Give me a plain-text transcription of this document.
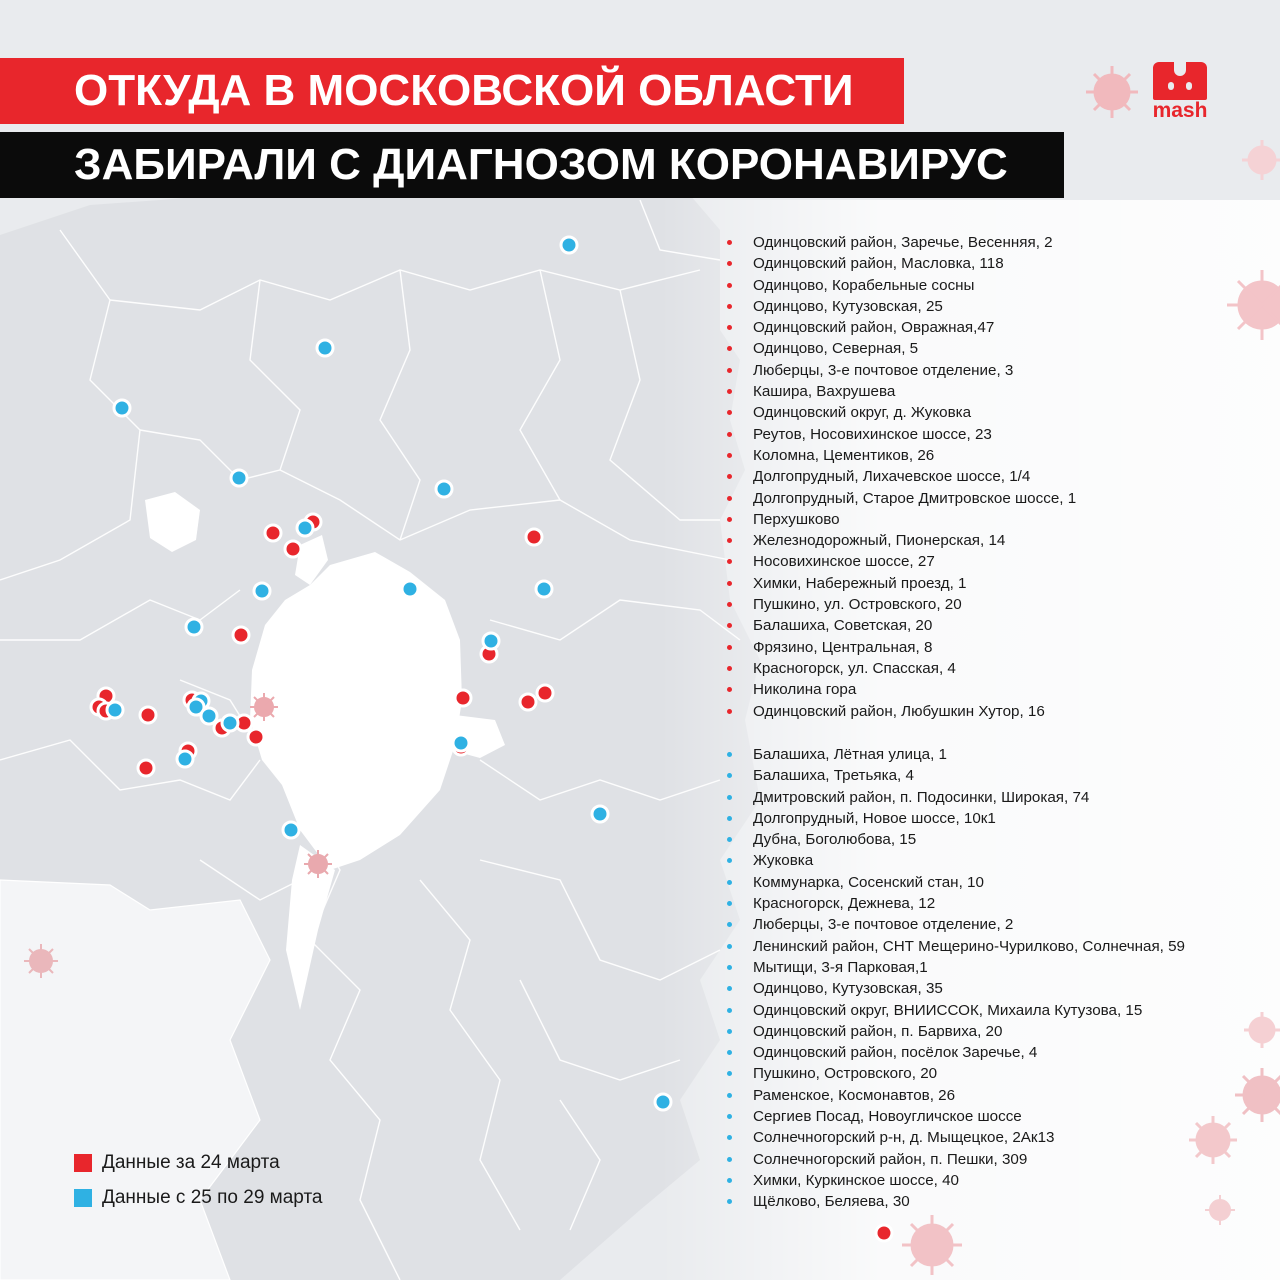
ОТКУДА В МОСКОВСКОЙ ОБЛАСТИ
ЗАБИРАЛИ С ДИАГНОЗОМ КОРОНАВИРУС
mash
Одинцовский район, Заречье, Весенняя, 2
Одинцовский район, Масловка, 118
Одинцово, Корабельные сосны
Одинцово, Кутузовская, 25
Одинцовский район, Овражная,47
Одинцово, Северная, 5
Люберцы, 3-е почтовое отделение, 3
Кашира, Вахрушева
Одинцовский округ, д. Жуковка
Реутов, Носовихинское шоссе, 23
Коломна, Цементиков, 26
Долгопрудный, Лихачевское шоссе, 1/4
Долгопрудный, Старое Дмитровское шоссе, 1
Перхушково
Железнодорожный, Пионерская, 14
Носовихинское шоссе, 27
Химки, Набережный проезд, 1
Пушкино, ул. Островского, 20
Балашиха, Советская, 20
Фрязино, Центральная, 8
Красногорск, ул. Спасская, 4
Николина гора
Одинцовский район, Любушкин Хутор, 16
Балашиха, Лётная улица, 1
Балашиха, Третьяка, 4
Дмитровский район, п. Подосинки, Широкая, 74
Долгопрудный, Новое шоссе, 10к1
Дубна, Боголюбова, 15
Жуковка
Коммунарка, Сосенский стан, 10
Красногорск, Дежнева, 12
Люберцы, 3-е почтовое отделение, 2
Ленинский район, СНТ Мещерино-Чурилково, Солнечная, 59
Мытищи, 3-я Парковая,1
Одинцово, Кутузовская, 35
Одинцовский округ, ВНИИССОК, Михаила Кутузова, 15
Одинцовский район, п. Барвиха, 20
Одинцовский район, посёлок Заречье, 4
Пушкино, Островского, 20
Раменское, Космонавтов, 26
Сергиев Посад, Новоугличское шоссе
Солнечногорский р-н, д. Мыщецкое, 2Ак13
Солнечногорский район, п. Пешки, 309
Химки, Куркинское шоссе, 40
Щёлково, Беляева, 30
Данные за 24 марта
Данные с 25 по 29 марта
